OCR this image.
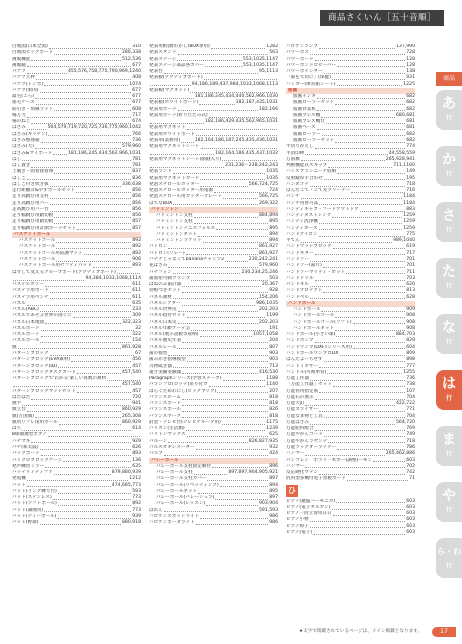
商品さくいん［五十音順］
白地図(日本全図)	310
白地図ビッグボード	286,338
薄膜機能	512,536
薄膜鏡	677
パケツ	455,576,758,775,790,969,1240
バケツ天秤	408
バケツ(トンボ)	1074
バケツ(果肉)	677
最毛(ころ)	677
都毛ケース	677
筋引き・刻線ラット	608
場万力	717
場のねじ	674
はさみ	564,579,719,720,725,736,775,960,1042
はさみ(キッチン)	766
はさみ整理箱	736
はさみ(大)	579,960
はさみ&マイボード	181,186,245,434,562,966,1031
はし	781
はし置き	781
上履き・固着接着剤	837
はしご	836
はしご付き吹き抜	336,638
走行距離計&やすボールセット	856
走り高跳び用支柱	856
走り高跳び用バー	856
走高跳び用バー台	856
走り幅跳び用踏切板	856
走り幅跳び用踏切板	857
走り幅跳び用計測ボードセット	857
バスケットボール
バスケットゴール	892
バスケットボール	892
バスケットゴール用防護マット	892
バスケットボール	906
バスケットボール用セフティパッド	893
はずして変えるグループボード(アクティブボード)
94,384,1033,1068,1114
パステルカラー	611
パステラ用ボード	611
パステラ用ベンチ	611
パズル	635
パズル(ABC)	233
パズルであそぶ世界の国ぐに	309
パズル日本地図	322,323
パズルボード	32
パズルボード	322
パズルボール	154
旗	861,928
パターンブロック	67
パターンブロック(EVA素材)	456
パターンブロック(ID)	457
パターンブロックタスクカード	457,540
パターンブロックで'わかる'楽しい算数の教材
457,540
パターンブロックマットセット	457
ばたばた	720
旗竿	941
旗立台	860,929
旗(万国旗)	265,308
旗用リフレ角用ポール	860,929
ばち	614
8球抽選型ボブノ
ハチマキ	929
バチ(和太鼓)	626
パックボード	893
パックロブロックケージ	136
発声練習ミラー	635
バッテリィティファ	879,880,939
発電機	1212
バット	474,685,773
バット(インク練り台)	593
バット(ステンレス)	773
バット(ソフトボール)	892
バット(調理用)	773
バット(ティーボール)	939
バット(野球)	880,918
発表用紙(磨わかし(BOX専用)	1282
発表スタンド	563
発表ステージ	553,1035,1147
発表ステージ部品各カバー	553,1035,1147
発表台	95,1113
発表板(アクティブボード)
94,186,189,437,984,1033,1068,1113
発表板(マグネット)
181,186,245,434,440,562,966,1030
発表板(ホワイトボード)	182,187,435,1031
発表用ボード	182,166
発表用ボード(折りたたみ式)
182,186,429,435,562,965,1031
発表用マグネット
発表用ホワイトボード
発表用(業務用)	182,164,186,187,245,435,436,1031
発表用マグネットシート
182,164,186,435,437,1032
発表用マグネットシート(顔縫入り)
231,236〜238,242,243
発表ランド	1035
発表用マグネットカード	1035
発泡スチロールカッター	566,724,725
発泡スチロールカッター用電源	724
発泡スチロール用カッタープレート	566,725
はてなBOX	269,322
バドミントン
バドミントン支柱	884,894
バドミントン支柱	895
バドミントンテニスフォルス	895
バドミントンネット	894
バドミントンラケット	894
パトロン	861,927
パトロン(リレー)	861,927
バナナじゃなくてbananaチャンツ2	230,242,241
花はさみ	579,960
パナフォン	230,234,25,246
歯固屋可動クランプ	503
ばねのふ歯計器	20,367
羽根つきセット	928
パネル教材	154,206
パネルシアター	986,1035
パネル世界史	202,203
パネル指付セット	1199
パネル日本史	202,203
パネル年齢ゲーデ芸	191
パネル(展示書板等収納)	1057,1058
パネル歴史年表	204
パネルレール	807
歯の模型	903
歯みがき指導模型	903
刃物砥ぎ器	713
速さ実験実験器	416,530
Paragraphシリーズ(学習ステーブ)	1188
パラシフロ(ロッテ)吊り付ガ	1140
ばらぐためわにし(ビッグブック)	207
パランスビーム	818
パランスボード	818
パランスボール	826
バランスマーク	818
針金・テレビ台(テレビチループ用)	1175
バリカン(生活類)	1239
バリトンサックス	625
パルーン	826,827,935
パルスオキシメーター	932
パルプ	424
バレーボール
パレーボール支柱固定網付	896
パレーボール支柱	897,897,904,905,921
パレーボール支柱カバー	897
パレーボール(リベッティング)	894
パレーボールネット	895
パレーボール(バレーシュラ)	897
パレーボール(レッスン)	903,904
ばれん	591,593
ハロゲンスポットライト	986
ハロゲンボーダライト	986
ハロゲンランプ	137,990
パワーポス	728
パワーポード	128
パワーボンドロビーバー	128
パワーポインター	138
「歯を大切に」(保健)	931
ハンガー(体育館シート)	1225
版画
版画インキ	682
版画ローラーセット	682
版画作業机	682
版画プレス機	680,681
版画プレス機台	681
版画ベース	681
版画ローラー	682
版画ローラーセット	682
半切りかえし	774
半消印棒	44,558,559
万国旗	265,928,941
判断機能式スキップ	711,1160
ハンスブラシニーア収納	149
反射鏡厚手合わせ	195
ハンダゴテ	718
はんだこて・こて先クリーナー	716
パンチ	1184
パンチ用替刃品	1184
ハンディキャブ・フードアウトドア	883
ハンディダストシンク	1259
ハンディ洗浄機	1259
ハンディホース	1259
ハンドアイロン	775
半てん	989,1040
ハンドウッドブロック	619
ハンドギター	717
ハンドソー	701
ハンドソー(歯片)	701
ハンドソーマイティ・ホット	711
ハンドドリル	703
パンドネル	620
ハンドプロテクト	813
ハンドベル	628
ハンドボール
ハンドボール	909
ハンドボールゴール	908
ハンドボールゴール(ソフト)	908
ハンドボールネット	908
ハンドボール(小さい球)	884,703
ハンドポンプ	829
ハンドワンプ(DXFTシリーズ用)	604
ハンドボールワンプロDX	809
はんだよーちせす	898
ハンドミキサー	777
ハンドル(可視単管)	1255
万能工作器	736
「万能工作器」セット	738
万能佐用指定筋	107
万能石の展示	704
万能大釘	422,722
万能スライサー	771
万能なま物ど工具	704
万能はさみ	564,720
万能肥料配合	769
万能やかんコード	749
万能やかんラヤンデ	718
万能ラックオーライナー	786
ハンマー	265,462,886
パンツレン　ボライ一木ボー(調整)ーモン	603
ハンマー	702
反応硬化サテン	742
汎用型多機付電子黒板ボード	71
ひ
ピアノ(鍵盤ハーモニカ)	603
ピアノ(電子オルガン)	603
ピアノ一同立奏用日日	603
ピアノ小物	603
ピアノ椅子	603
ピアノ(電子)	603
商品
あ
行
か
行
さ
行
た
行
な
行
は
行
ま
行
や
行
ら・わ
行
★太字で掲載されているページは、メイン掲載となります。	17
